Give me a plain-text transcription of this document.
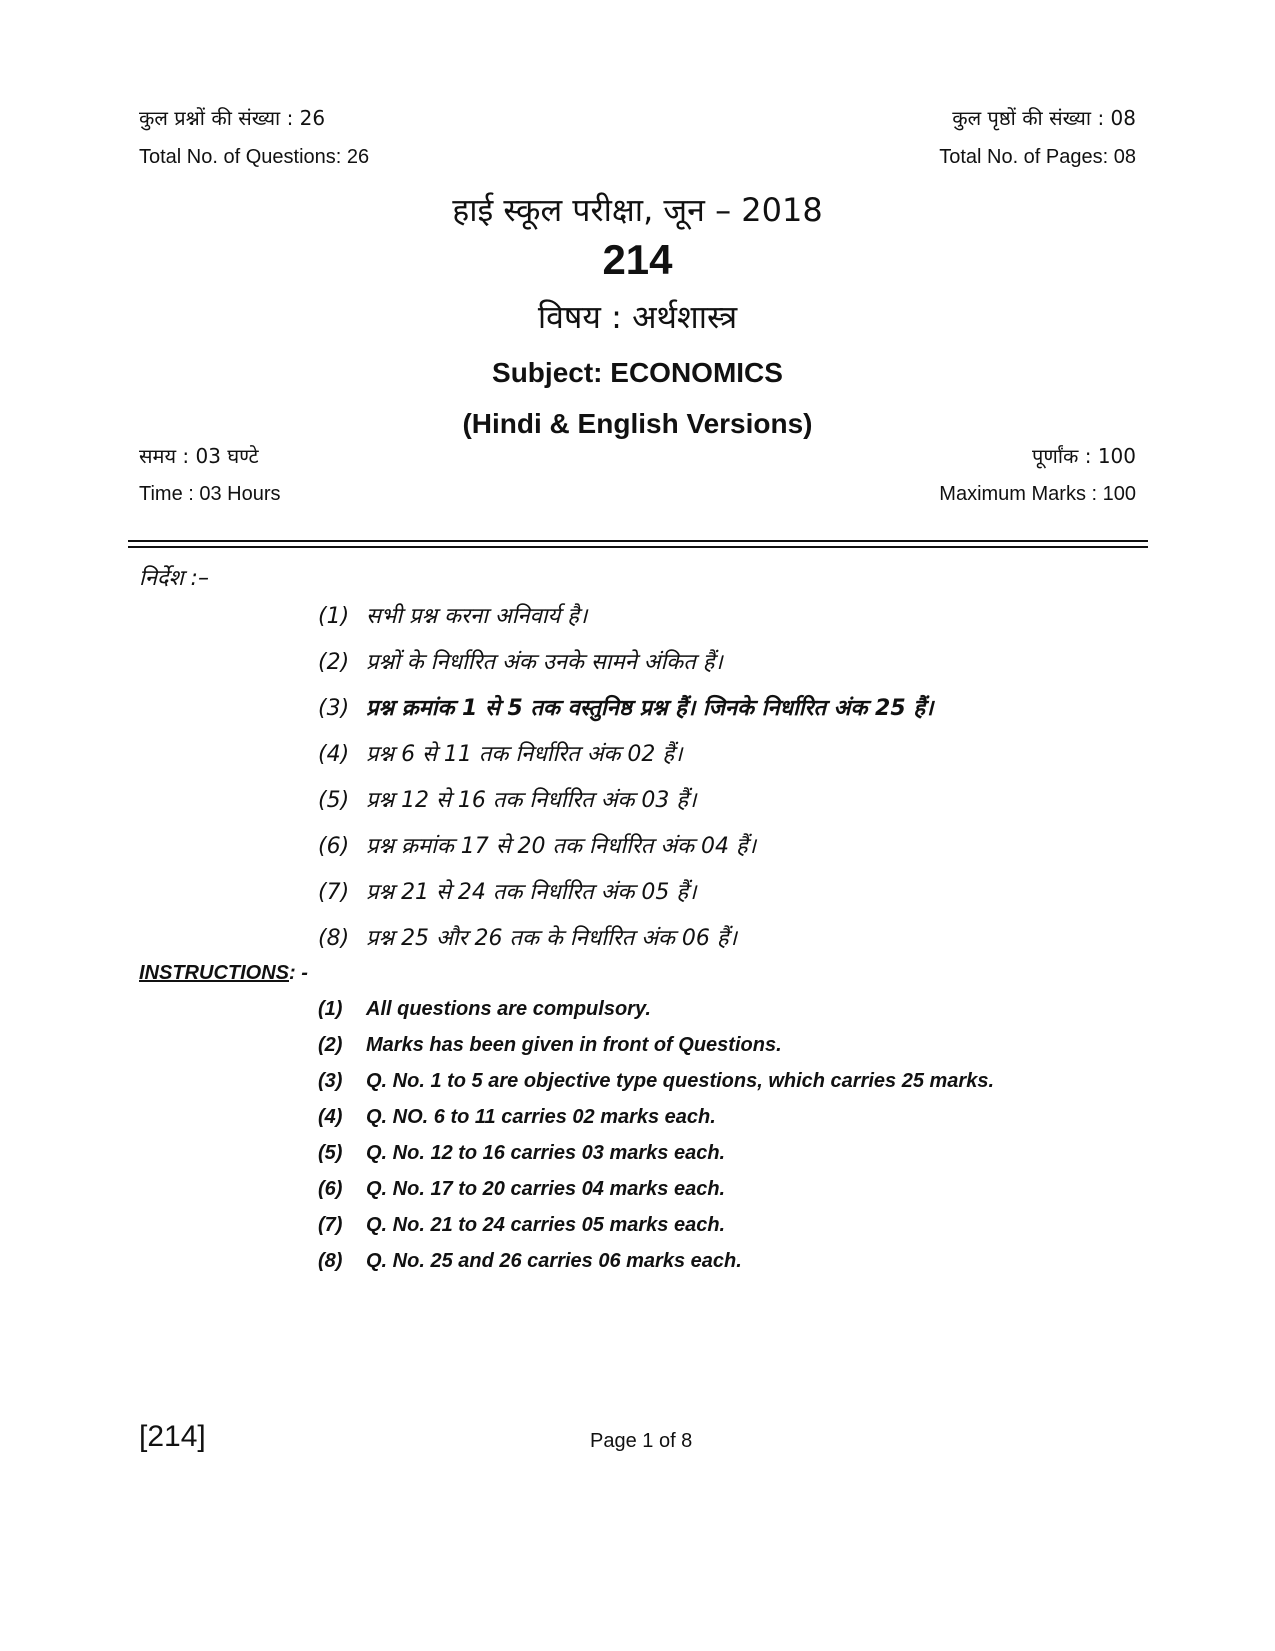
कुल प्रश्नों की संख्या : 26	कुल पृष्ठों की संख्या : 08
Total No. of Questions: 26	Total No. of Pages: 08
हाई स्कूल परीक्षा, जून – 2018
214
विषय : अर्थशास्त्र
Subject: ECONOMICS
(Hindi & English Versions)
समय : 03 घण्टे	पूर्णांक : 100
Time : 03 Hours	Maximum Marks : 100
निर्देश :–
(1) सभी प्रश्न करना अनिवार्य है।
(2) प्रश्नों के निर्धारित अंक उनके सामने अंकित हैं।
(3) प्रश्न क्रमांक 1 से 5 तक वस्तुनिष्ठ प्रश्न हैं। जिनके निर्धारित अंक 25 हैं।
(4) प्रश्न 6 से 11 तक निर्धारित अंक 02 हैं।
(5) प्रश्न 12 से 16 तक निर्धारित अंक 03 हैं।
(6) प्रश्न क्रमांक 17 से 20 तक निर्धारित अंक 04 हैं।
(7) प्रश्न 21 से 24 तक निर्धारित अंक 05 हैं।
(8) प्रश्न 25 और 26 तक के निर्धारित अंक 06 हैं।
INSTRUCTIONS: -
(1) All questions are compulsory.
(2) Marks has been given in front of Questions.
(3) Q. No. 1 to 5 are objective type questions, which carries 25 marks.
(4) Q. NO. 6 to 11 carries 02 marks each.
(5) Q. No. 12 to 16 carries 03 marks each.
(6) Q. No. 17 to 20 carries 04 marks each.
(7) Q. No. 21 to 24 carries 05 marks each.
(8) Q. No. 25 and 26 carries 06 marks each.
[214]	Page 1 of 8
